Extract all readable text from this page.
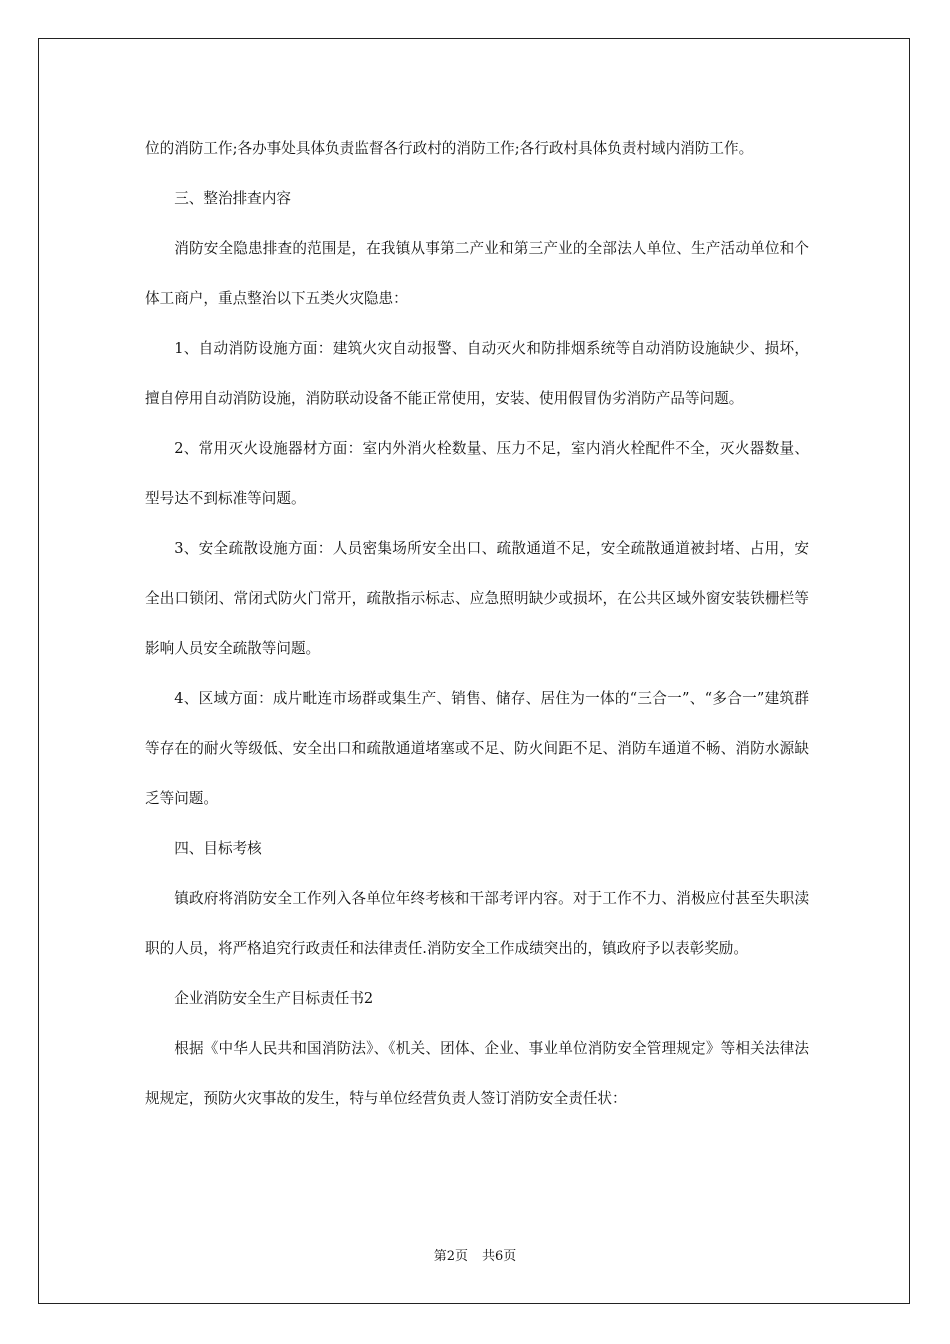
位的消防工作;各办事处具体负责监督各行政村的消防工作;各行政村具体负责村域内消防工作。

三、整治排查内容

消防安全隐患排查的范围是，在我镇从事第二产业和第三产业的全部法人单位、生产活动单位和个体工商户，重点整治以下五类火灾隐患：

1、自动消防设施方面：建筑火灾自动报警、自动灭火和防排烟系统等自动消防设施缺少、损坏，擅自停用自动消防设施，消防联动设备不能正常使用，安装、使用假冒伪劣消防产品等问题。

2、常用灭火设施器材方面：室内外消火栓数量、压力不足，室内消火栓配件不全，灭火器数量、型号达不到标准等问题。

3、安全疏散设施方面：人员密集场所安全出口、疏散通道不足，安全疏散通道被封堵、占用，安全出口锁闭、常闭式防火门常开，疏散指示标志、应急照明缺少或损坏，在公共区域外窗安装铁栅栏等影响人员安全疏散等问题。

4、区域方面：成片毗连市场群或集生产、销售、储存、居住为一体的“三合一”、“多合一”建筑群等存在的耐火等级低、安全出口和疏散通道堵塞或不足、防火间距不足、消防车通道不畅、消防水源缺乏等问题。

四、目标考核

镇政府将消防安全工作列入各单位年终考核和干部考评内容。对于工作不力、消极应付甚至失职渎职的人员，将严格追究行政责任和法律责任.消防安全工作成绩突出的，镇政府予以表彰奖励。

企业消防安全生产目标责任书2

根据《中华人民共和国消防法》、《机关、团体、企业、事业单位消防安全管理规定》等相关法律法规规定，预防火灾事故的发生，特与单位经营负责人签订消防安全责任状：

第2页 共6页
